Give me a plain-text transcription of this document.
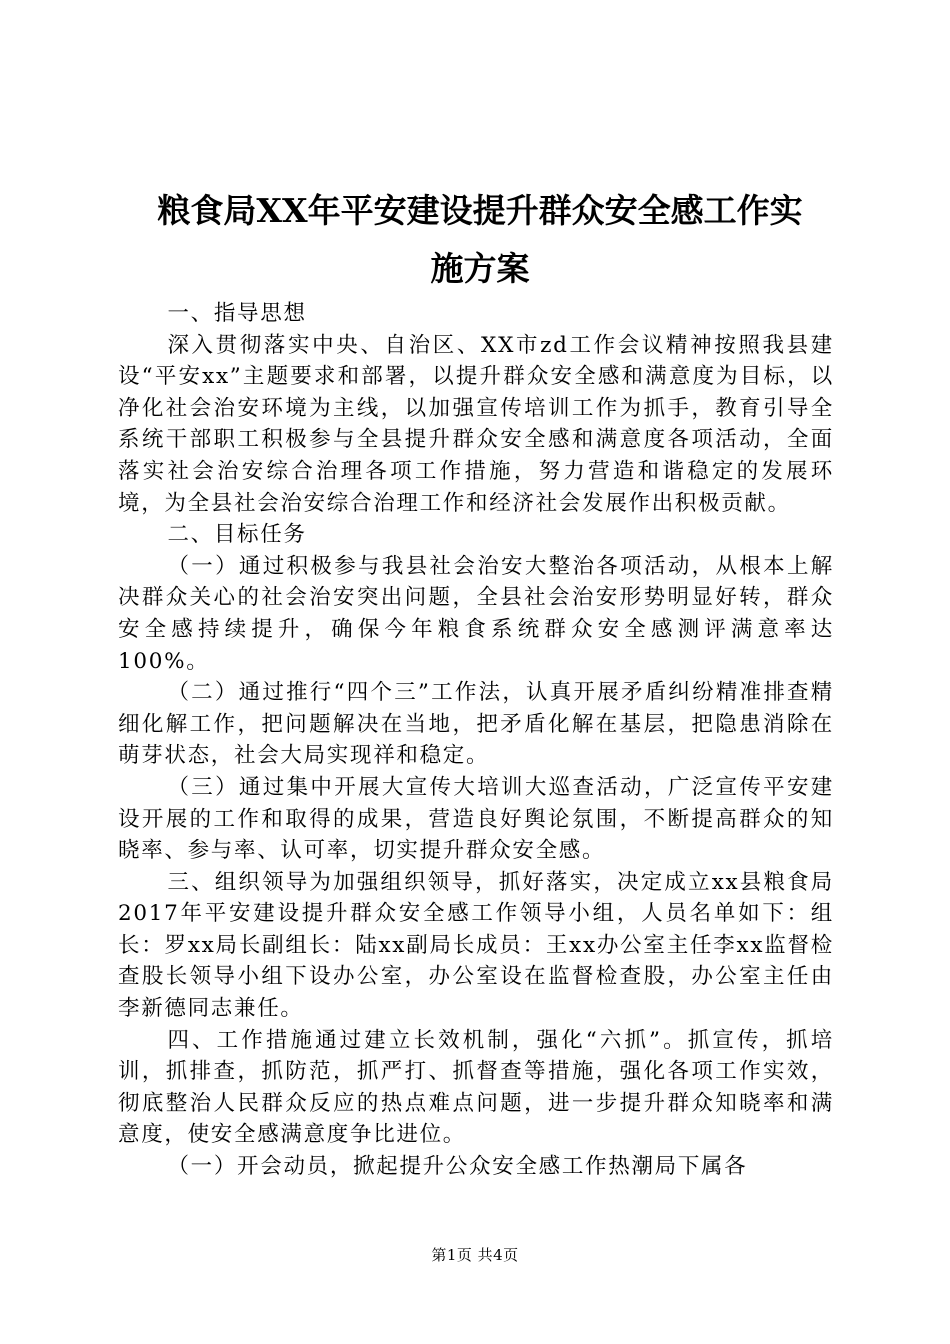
粮食局XX年平安建设提升群众安全感工作实
施方案

一、指导思想

深入贯彻落实中央、自治区、XX市zd工作会议精神按照我县建设“平安xx”主题要求和部署，以提升群众安全感和满意度为目标，以净化社会治安环境为主线，以加强宣传培训工作为抓手，教育引导全系统干部职工积极参与全县提升群众安全感和满意度各项活动，全面落实社会治安综合治理各项工作措施，努力营造和谐稳定的发展环境，为全县社会治安综合治理工作和经济社会发展作出积极贡献。

二、目标任务

（一）通过积极参与我县社会治安大整治各项活动，从根本上解决群众关心的社会治安突出问题，全县社会治安形势明显好转，群众安全感持续提升，确保今年粮食系统群众安全感测评满意率达100%。

（二）通过推行“四个三”工作法，认真开展矛盾纠纷精准排查精细化解工作，把问题解决在当地，把矛盾化解在基层，把隐患消除在萌芽状态，社会大局实现祥和稳定。

（三）通过集中开展大宣传大培训大巡查活动，广泛宣传平安建设开展的工作和取得的成果，营造良好舆论氛围，不断提高群众的知晓率、参与率、认可率，切实提升群众安全感。

三、组织领导为加强组织领导，抓好落实，决定成立xx县粮食局2017年平安建设提升群众安全感工作领导小组，人员名单如下：组长：罗xx局长副组长：陆xx副局长成员：王xx办公室主任李xx监督检查股长领导小组下设办公室，办公室设在监督检查股，办公室主任由李新德同志兼任。

四、工作措施通过建立长效机制，强化“六抓”。抓宣传，抓培训，抓排查，抓防范，抓严打、抓督查等措施，强化各项工作实效，彻底整治人民群众反应的热点难点问题，进一步提升群众知晓率和满意度，使安全感满意度争比进位。

（一）开会动员，掀起提升公众安全感工作热潮局下属各

第1页 共4页
